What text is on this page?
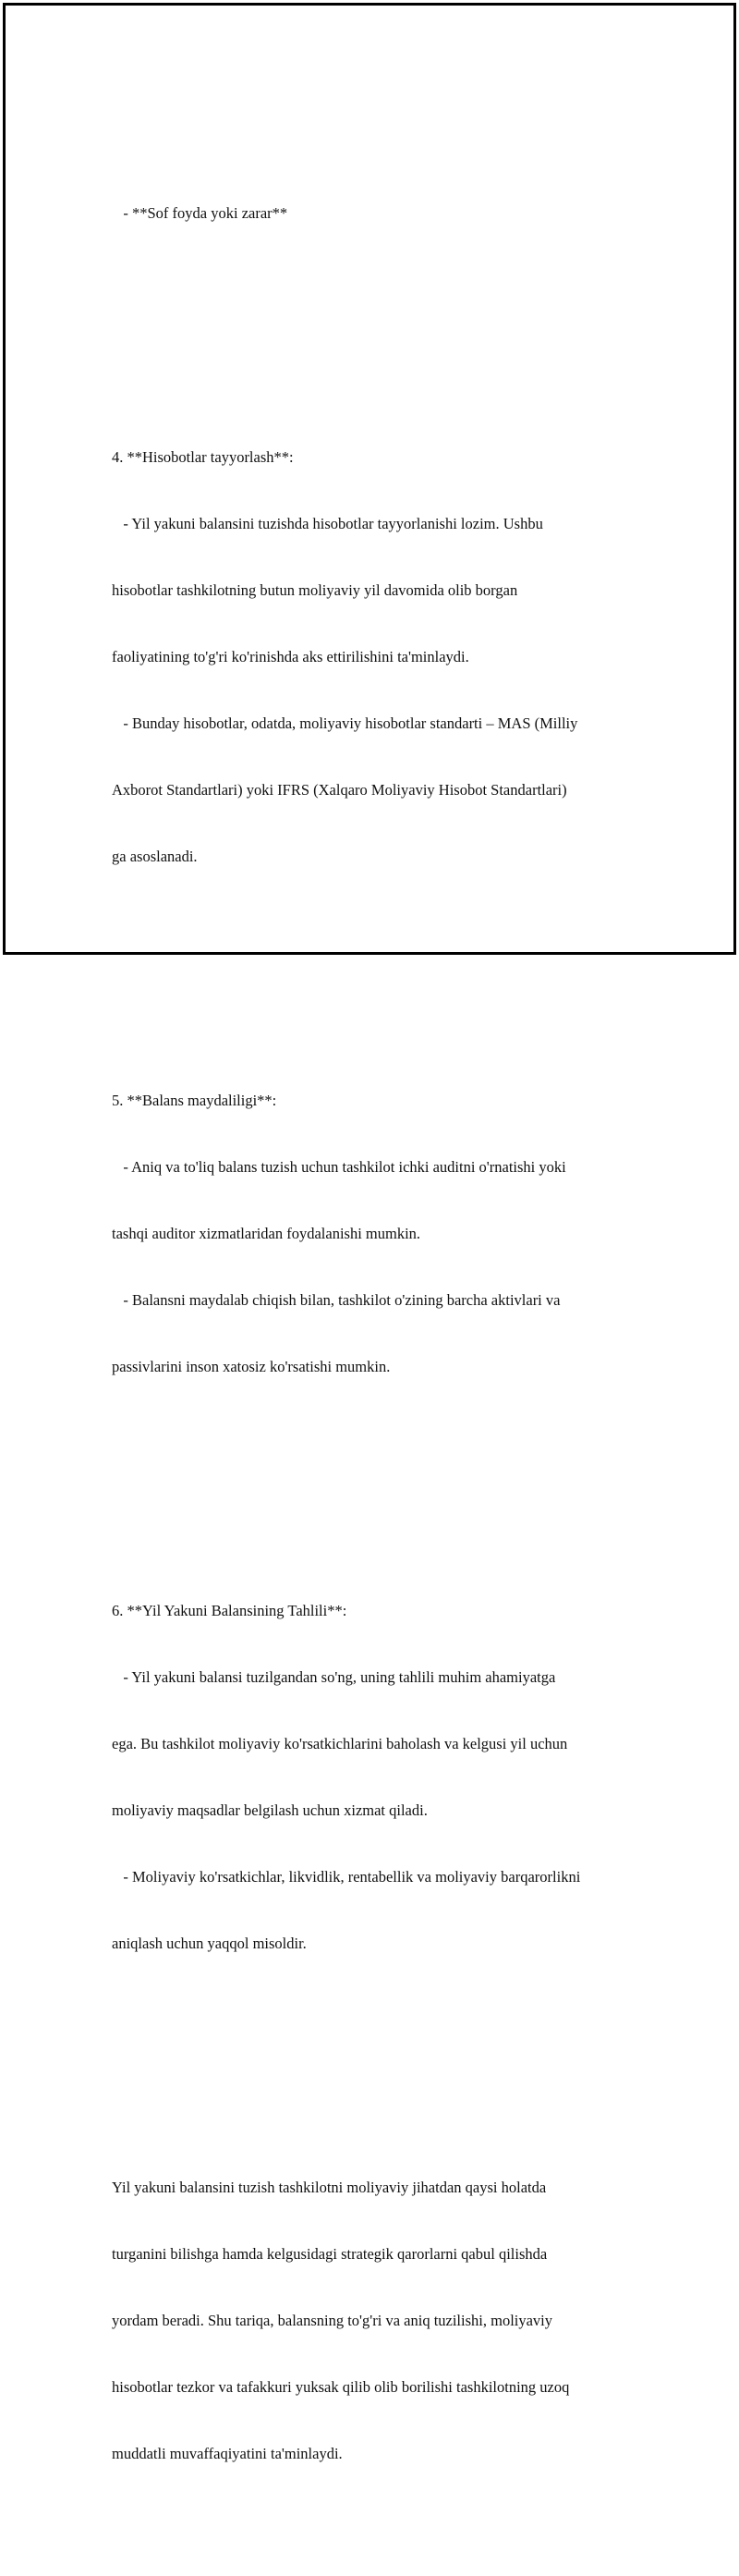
- **Sof foyda yoki zarar**

4. **Hisobotlar tayyorlash**:

- Yil yakuni balansini tuzishda hisobotlar tayyorlanishi lozim. Ushbu

hisobotlar tashkilotning butun moliyaviy yil davomida olib borgan

faoliyatining to'g'ri ko'rinishda aks ettirilishini ta'minlaydi.

- Bunday hisobotlar, odatda, moliyaviy hisobotlar standarti – MAS (Milliy

Axborot Standartlari) yoki IFRS (Xalqaro Moliyaviy Hisobot Standartlari)

ga asoslanadi.

5. **Balans maydaliligi**:

- Aniq va to'liq balans tuzish uchun tashkilot ichki auditni o'rnatishi yoki

tashqi auditor xizmatlaridan foydalanishi mumkin.

- Balansni maydalab chiqish bilan, tashkilot o'zining barcha aktivlari va

passivlarini inson xatosiz ko'rsatishi mumkin.

6. **Yil Yakuni Balansining Tahlili**:

- Yil yakuni balansi tuzilgandan so'ng, uning tahlili muhim ahamiyatga

ega. Bu tashkilot moliyaviy ko'rsatkichlarini baholash va kelgusi yil uchun

moliyaviy maqsadlar belgilash uchun xizmat qiladi.

- Moliyaviy ko'rsatkichlar, likvidlik, rentabellik va moliyaviy barqarorlikni

aniqlash uchun yaqqol misoldir.

Yil yakuni balansini tuzish tashkilotni moliyaviy jihatdan qaysi holatda

turganini bilishga hamda kelgusidagi strategik qarorlarni qabul qilishda

yordam beradi. Shu tariqa, balansning to'g'ri va aniq tuzilishi, moliyaviy

hisobotlar tezkor va tafakkuri yuksak qilib olib borilishi tashkilotning uzoq

muddatli muvaffaqiyatini ta'minlaydi.
